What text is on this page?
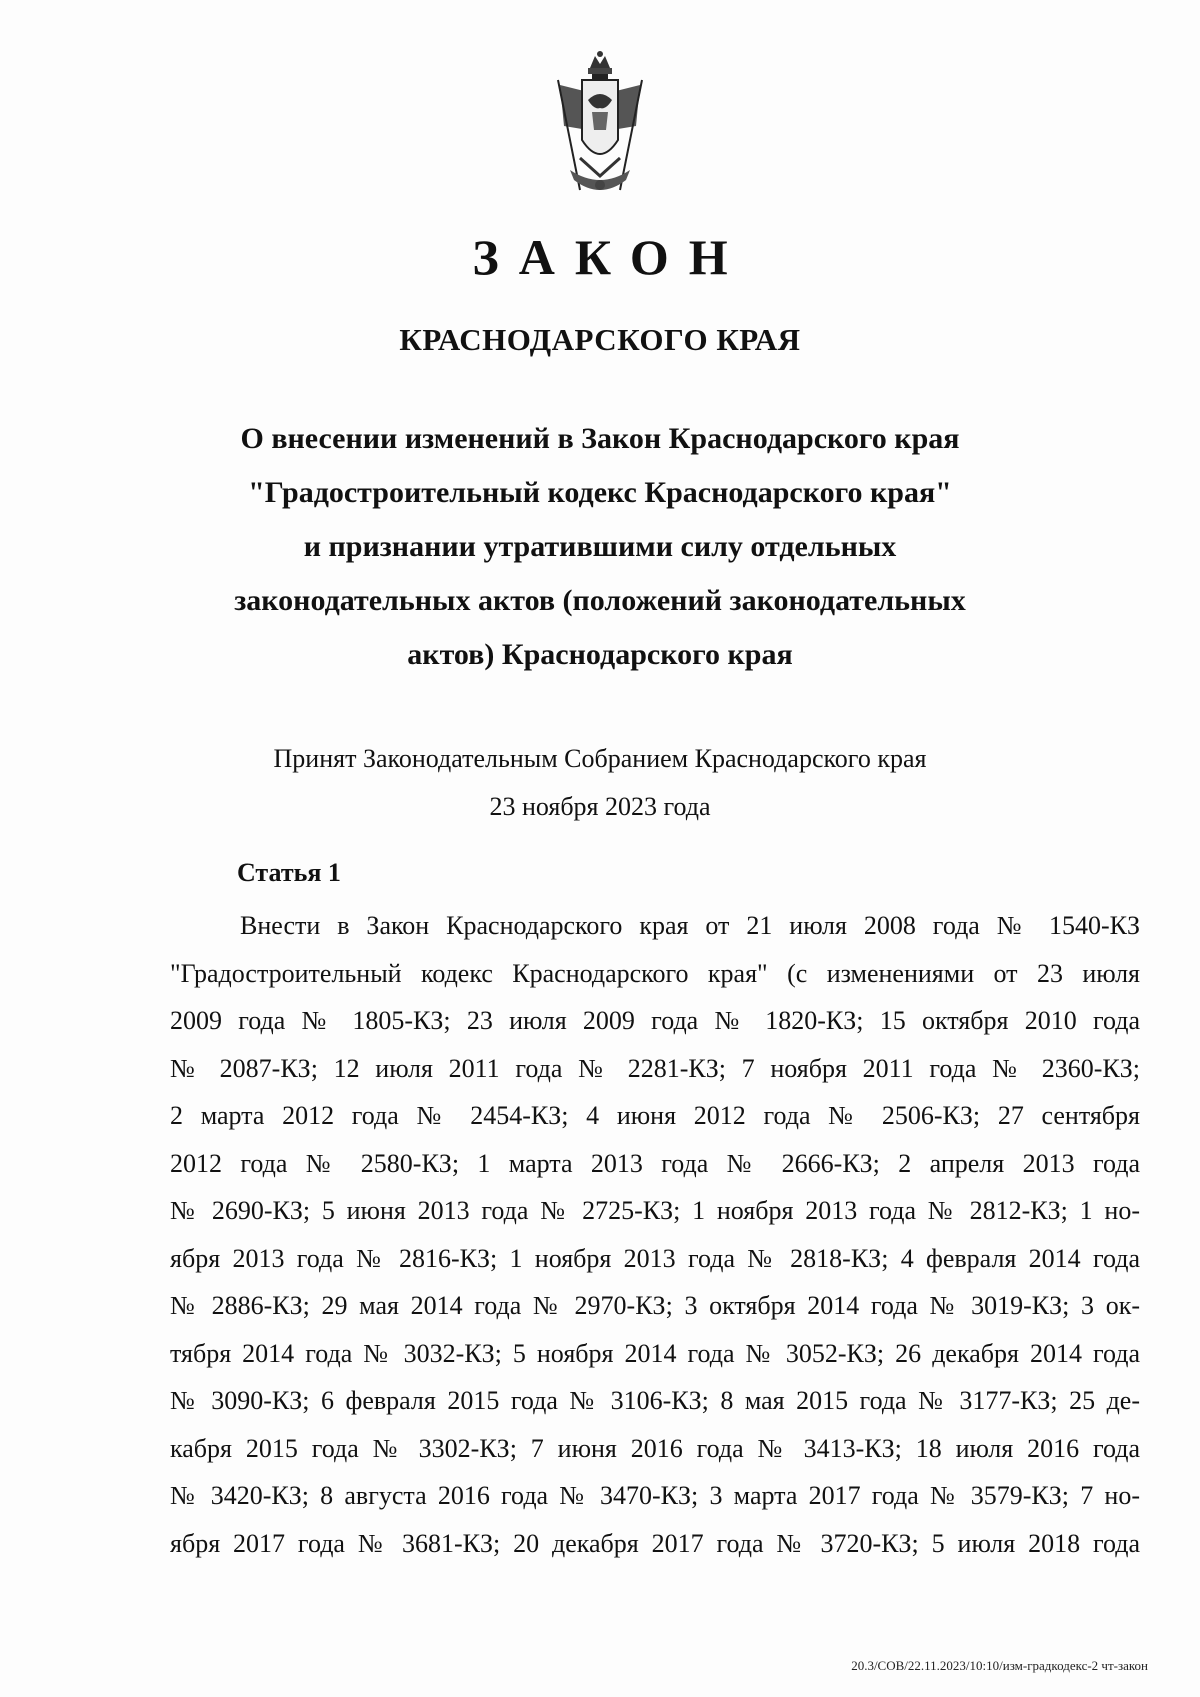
ЗАКОН
КРАСНОДАРСКОГО КРАЯ
О внесении изменений в Закон Краснодарского края
"Градостроительный кодекс Краснодарского края"
и признании утратившими силу отдельных
законодательных актов (положений законодательных
актов) Краснодарского края
Принят Законодательным Собранием Краснодарского края
23 ноября 2023 года
Статья 1
Внести в Закон Краснодарского края от 21 июля 2008 года № 1540-КЗ
"Градостроительный кодекс Краснодарского края" (с изменениями от 23 июля
2009 года № 1805-КЗ; 23 июля 2009 года № 1820-КЗ; 15 октября 2010 года
№ 2087-КЗ; 12 июля 2011 года № 2281-КЗ; 7 ноября 2011 года № 2360-КЗ;
2 марта 2012 года № 2454-КЗ; 4 июня 2012 года № 2506-КЗ; 27 сентября
2012 года № 2580-КЗ; 1 марта 2013 года № 2666-КЗ; 2 апреля 2013 года
№ 2690-КЗ; 5 июня 2013 года № 2725-КЗ; 1 ноября 2013 года № 2812-КЗ; 1 но-
ября 2013 года № 2816-КЗ; 1 ноября 2013 года № 2818-КЗ; 4 февраля 2014 года
№ 2886-КЗ; 29 мая 2014 года № 2970-КЗ; 3 октября 2014 года № 3019-КЗ; 3 ок-
тября 2014 года № 3032-КЗ; 5 ноября 2014 года № 3052-КЗ; 26 декабря 2014 года
№ 3090-КЗ; 6 февраля 2015 года № 3106-КЗ; 8 мая 2015 года № 3177-КЗ; 25 де-
кабря 2015 года № 3302-КЗ; 7 июня 2016 года № 3413-КЗ; 18 июля 2016 года
№ 3420-КЗ; 8 августа 2016 года № 3470-КЗ; 3 марта 2017 года № 3579-КЗ; 7 но-
ября 2017 года № 3681-КЗ; 20 декабря 2017 года № 3720-КЗ; 5 июля 2018 года
20.3/СОВ/22.11.2023/10:10/изм-градкодекс-2 чт-закон
